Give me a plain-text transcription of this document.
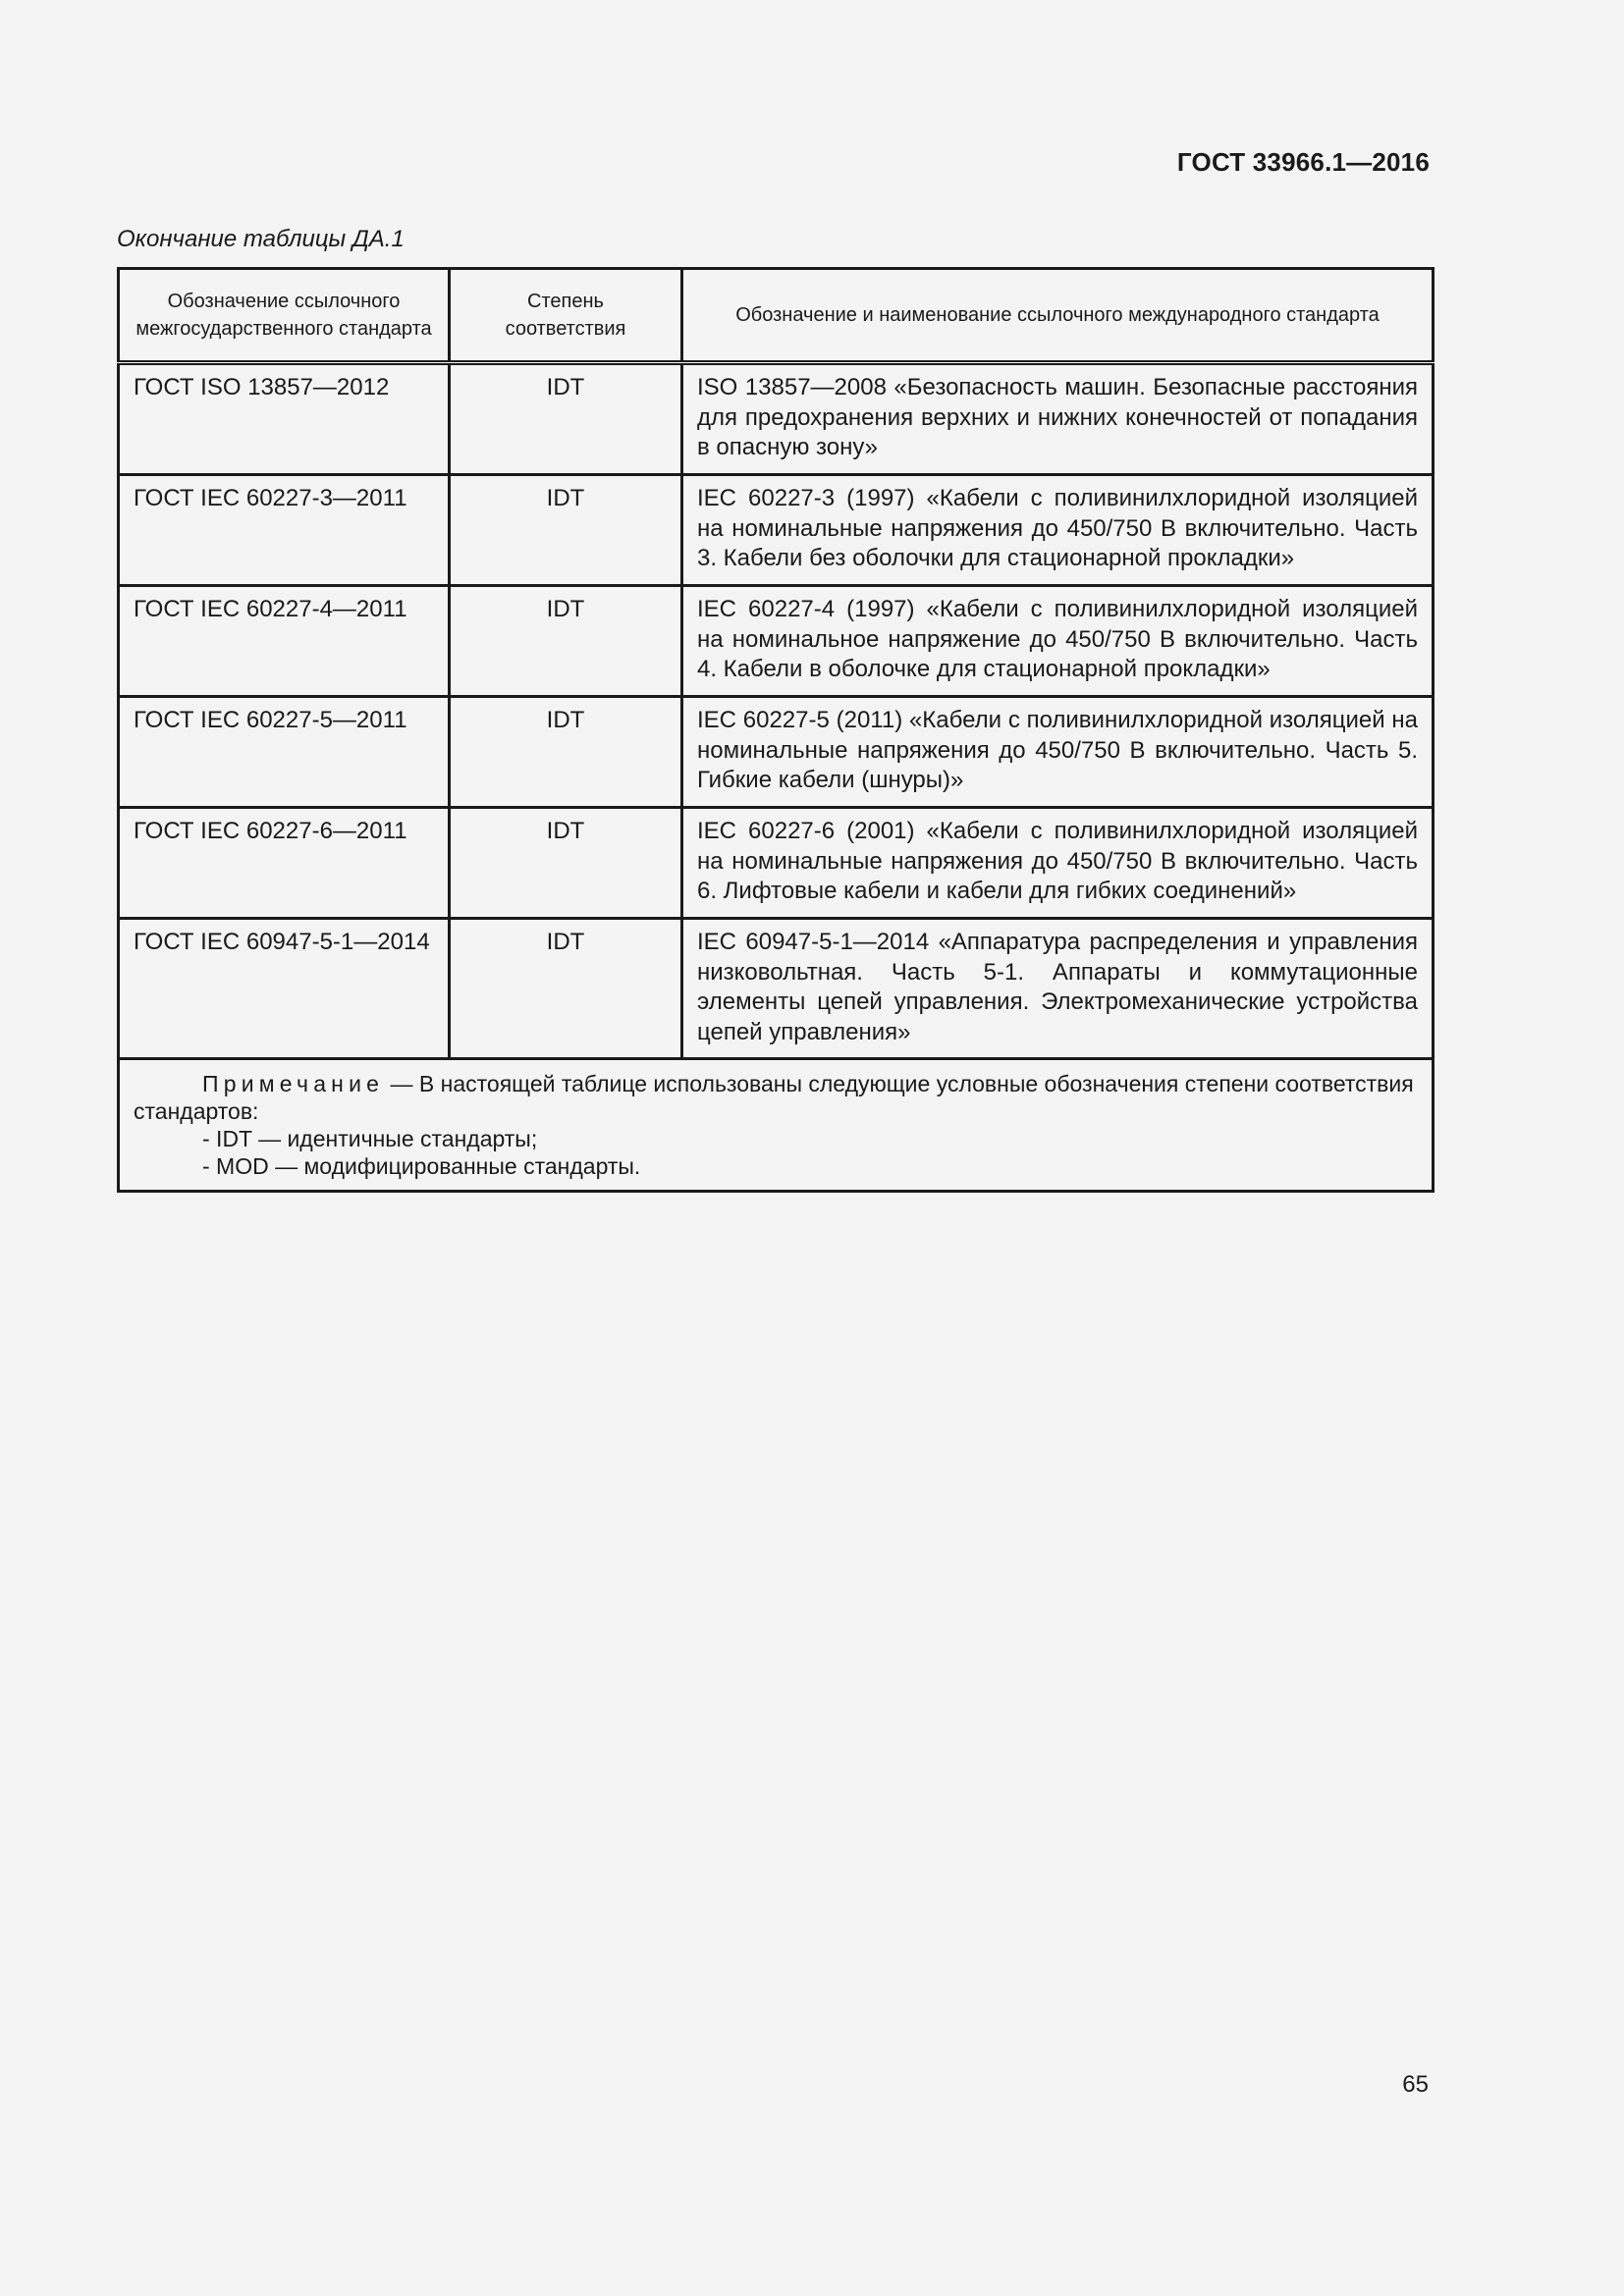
ГОСТ 33966.1—2016
Окончание таблицы ДА.1
Обозначение ссылочного межгосударственного стандарта	Степень соответствия	Обозначение и наименование ссылочного международного стандарта
ГОСТ ISO 13857—2012	IDT	ISO 13857—2008 «Безопасность машин. Безопасные расстояния для предохранения верхних и нижних конечностей от попадания в опасную зону»
ГОСТ IEC 60227-3—2011	IDT	IEC 60227-3 (1997) «Кабели с поливинилхлоридной изоляцией на номинальные напряжения до 450/750 В включительно. Часть 3. Кабели без оболочки для стационарной прокладки»
ГОСТ IEC 60227-4—2011	IDT	IEC 60227-4 (1997) «Кабели с поливинилхлоридной изоляцией на номинальное напряжение до 450/750 В включительно. Часть 4. Кабели в оболочке для стационарной прокладки»
ГОСТ IEC 60227-5—2011	IDT	IEC 60227-5 (2011) «Кабели с поливинилхлоридной изоляцией на номинальные напряжения до 450/750 В включительно. Часть 5. Гибкие кабели (шнуры)»
ГОСТ IEC 60227-6—2011	IDT	IEC 60227-6 (2001) «Кабели с поливинилхлоридной изоляцией на номинальные напряжения до 450/750 В включительно. Часть 6. Лифтовые кабели и кабели для гибких соединений»
ГОСТ IEC 60947-5-1—2014	IDT	IEC 60947-5-1—2014 «Аппаратура распределения и управления низковольтная. Часть 5-1. Аппараты и коммутационные элементы цепей управления. Электромеханические устройства цепей управления»

Примечание — В настоящей таблице использованы следующие условные обозначения степени соответствия стандартов:
- IDT — идентичные стандарты;
- MOD — модифицированные стандарты.		
65
